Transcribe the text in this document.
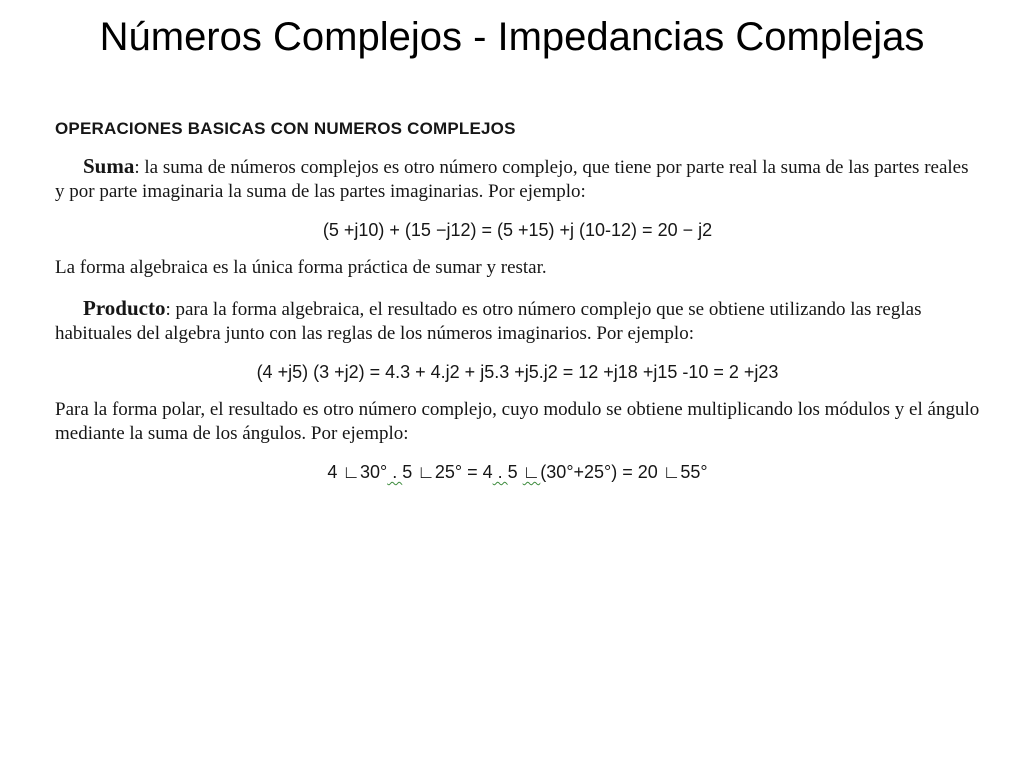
Números Complejos - Impedancias Complejas

OPERACIONES BASICAS CON NUMEROS COMPLEJOS

Suma: la suma de números complejos es otro número complejo, que tiene por parte real la suma de las partes reales y por parte imaginaria la suma de las partes imaginarias. Por ejemplo:

(5 +j10) + (15 −j12) = (5 +15) +j (10-12) = 20 − j2

La forma algebraica es la única forma práctica de sumar y restar.

Producto: para la forma algebraica, el resultado es otro número complejo que se obtiene utilizando las reglas habituales del algebra junto con las reglas de los números imaginarios. Por ejemplo:

(4 +j5) (3 +j2) = 4.3 + 4.j2 + j5.3 +j5.j2 = 12 +j18 +j15 -10 = 2 +j23

Para la forma polar, el resultado es otro número complejo, cuyo modulo se obtiene multiplicando los módulos y el ángulo mediante la suma de los ángulos. Por ejemplo:

4 ∟30° . 5 ∟25° = 4 . 5 ∟(30°+25°) = 20 ∟55°
